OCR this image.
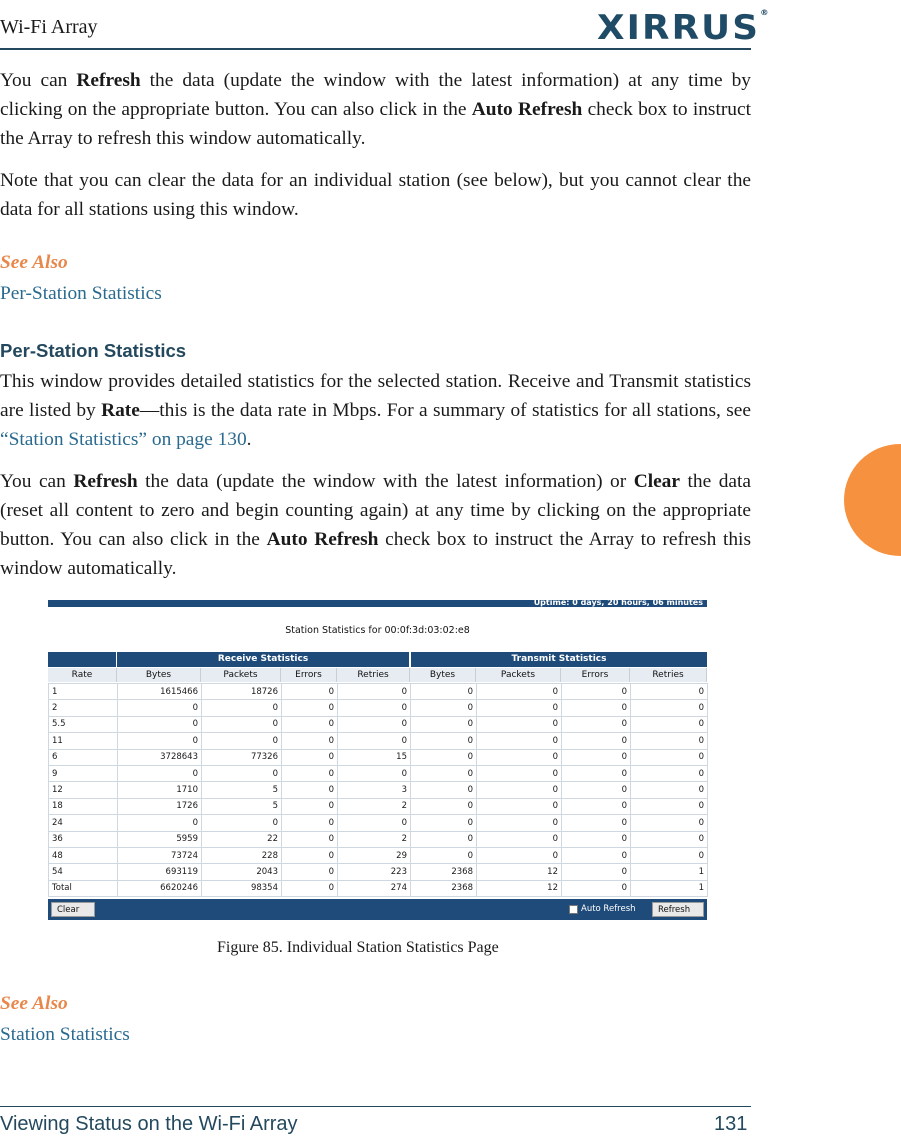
Wi-Fi Array	XIRRUS®
You can Refresh the data (update the window with the latest information) at any time by clicking on the appropriate button. You can also click in the Auto Refresh check box to instruct the Array to refresh this window automatically.
Note that you can clear the data for an individual station (see below), but you cannot clear the data for all stations using this window.
See Also
Per-Station Statistics
Per-Station Statistics
This window provides detailed statistics for the selected station. Receive and Transmit statistics are listed by Rate—this is the data rate in Mbps. For a summary of statistics for all stations, see “Station Statistics” on page 130.
You can Refresh the data (update the window with the latest information) or Clear the data (reset all content to zero and begin counting again) at any time by clicking on the appropriate button. You can also click in the Auto Refresh check box to instruct the Array to refresh this window automatically.
Uptime: 0 days, 20 hours, 06 minutes
Station Statistics for 00:0f:3d:03:02:e8
Receive Statistics	Transmit Statistics
Rate	Bytes	Packets	Errors	Retries	Bytes	Packets	Errors	Retries
1	1615466	18726	0	0	0	0	0	0
2	0	0	0	0	0	0	0	0
5.5	0	0	0	0	0	0	0	0
11	0	0	0	0	0	0	0	0
6	3728643	77326	0	15	0	0	0	0
9	0	0	0	0	0	0	0	0
12	1710	5	0	3	0	0	0	0
18	1726	5	0	2	0	0	0	0
24	0	0	0	0	0	0	0	0
36	5959	22	0	2	0	0	0	0
48	73724	228	0	29	0	0	0	0
54	693119	2043	0	223	2368	12	0	1
Total	6620246	98354	0	274	2368	12	0	1
Clear	Auto Refresh	Refresh
Figure 85. Individual Station Statistics Page
See Also
Station Statistics
Viewing Status on the Wi-Fi Array	131
